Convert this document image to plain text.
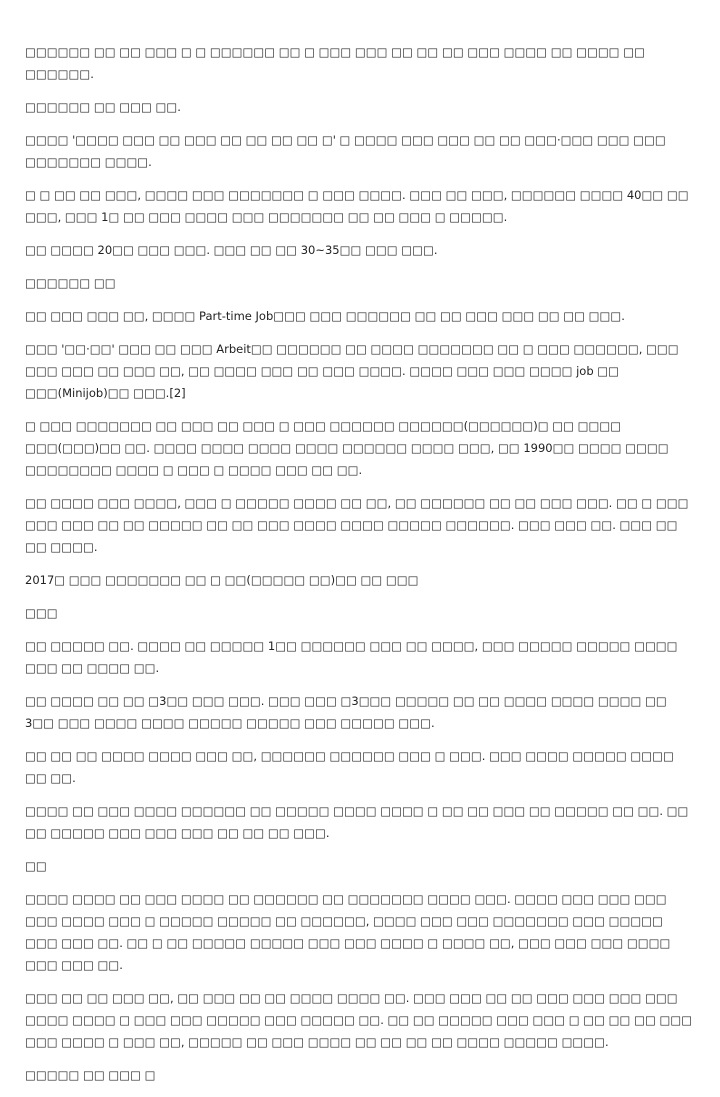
□□□□□□ □□ □□ □□□ □ □ □□□□□□ □□ □ □□□ □□□ □□ □□ □□ □□□ □□□□ □□ □□□□ □□ □□□□□□.

□□□□□□ □□ □□□ □□.

□□□□ '□□□□ □□□ □□ □□□ □□ □□ □□ □□ □' □ □□□□ □□□ □□□ □□ □□ □□□·□□□ □□□ □□□ □□□□□□□ □□□□.

□ □ □□ □□ □□□, □□□□ □□□ □□□□□□□ □ □□□ □□□□. □□□ □□ □□□, □□□□□□ □□□□ 40□□ □□ □□□, □□□ 1□ □□ □□□ □□□□ □□□ □□□□□□□ □□ □□ □□□ □ □□□□□.

□□ □□□□ 20□□ □□□ □□□. □□□ □□ □□ 30~35□□ □□□ □□□.

□□□□□□ □□

□□ □□□ □□□ □□, □□□□ Part-time Job□□□ □□□ □□□□□□ □□ □□ □□□ □□□ □□ □□ □□□.

□□□ '□□·□□' □□□ □□ □□□ Arbeit□□ □□□□□□ □□ □□□□ □□□□□□□ □□ □ □□□ □□□□□□, □□□ □□□ □□□ □□ □□□ □□, □□ □□□□ □□□ □□ □□□ □□□□. □□□□ □□□ □□□ □□□□ job □□ □□□(Minijob)□□ □□□.[2]

□ □□□ □□□□□□□ □□ □□□ □□ □□□ □ □□□ □□□□□□ □□□□□□(□□□□□□)□ □□ □□□□ □□□(□□□)□□ □□. □□□□ □□□□ □□□□ □□□□ □□□□□□ □□□□ □□□, □□ 1990□□ □□□□ □□□□ □□□□□□□□ □□□□ □ □□□ □ □□□□ □□□ □□ □□.

□□ □□□□ □□□ □□□□, □□□ □ □□□□□ □□□□ □□ □□, □□ □□□□□□ □□ □□ □□□ □□□. □□ □ □□□ □□□ □□□ □□ □□ □□□□□ □□ □□ □□□ □□□□ □□□□ □□□□□ □□□□□□. □□□ □□□ □□. □□□ □□ □□ □□□□.

2017□ □□□ □□□□□□□ □□ □ □□(□□□□□ □□)□□ □□ □□□

□□□

□□ □□□□□ □□. □□□□ □□ □□□□□ 1□□ □□□□□□ □□□ □□ □□□□, □□□ □□□□□ □□□□□ □□□□ □□□ □□ □□□□ □□.

□□ □□□□ □□ □□ □3□□ □□□ □□□. □□□ □□□ □3□□□ □□□□□ □□ □□ □□□□ □□□□ □□□□ □□ 3□□ □□□ □□□□ □□□□ □□□□□ □□□□□ □□□ □□□□□ □□□.

□□ □□ □□ □□□□ □□□□ □□□ □□, □□□□□□ □□□□□□ □□□ □ □□□. □□□ □□□□ □□□□□ □□□□ □□ □□.

□□□□ □□ □□□ □□□□ □□□□□□ □□ □□□□□ □□□□ □□□□ □ □□ □□ □□□ □□ □□□□□ □□ □□. □□ □□ □□□□□ □□□ □□□ □□□ □□ □□ □□ □□□.

□□

□□□□ □□□□ □□ □□□ □□□□ □□ □□□□□□ □□ □□□□□□□ □□□□ □□□. □□□□ □□□ □□□ □□□ □□□ □□□□ □□□ □ □□□□□ □□□□□ □□ □□□□□□, □□□□ □□□ □□□ □□□□□□□ □□□ □□□□□ □□□ □□□ □□. □□ □ □□ □□□□□ □□□□□ □□□ □□□ □□□□ □ □□□□ □□, □□□ □□□ □□□ □□□□ □□□ □□□ □□.

□□□ □□ □□ □□□ □□, □□ □□□ □□ □□ □□□□ □□□□ □□. □□□ □□□ □□ □□ □□□ □□□ □□□ □□□ □□□□ □□□□ □ □□□ □□□ □□□□□ □□□ □□□□□ □□. □□ □□ □□□□□ □□□ □□□ □ □□ □□ □□ □□□ □□□ □□□□ □ □□□ □□, □□□□□ □□ □□□ □□□□ □□ □□ □□ □□ □□□□ □□□□□ □□□□.

□□□□□ □□ □□□ □
